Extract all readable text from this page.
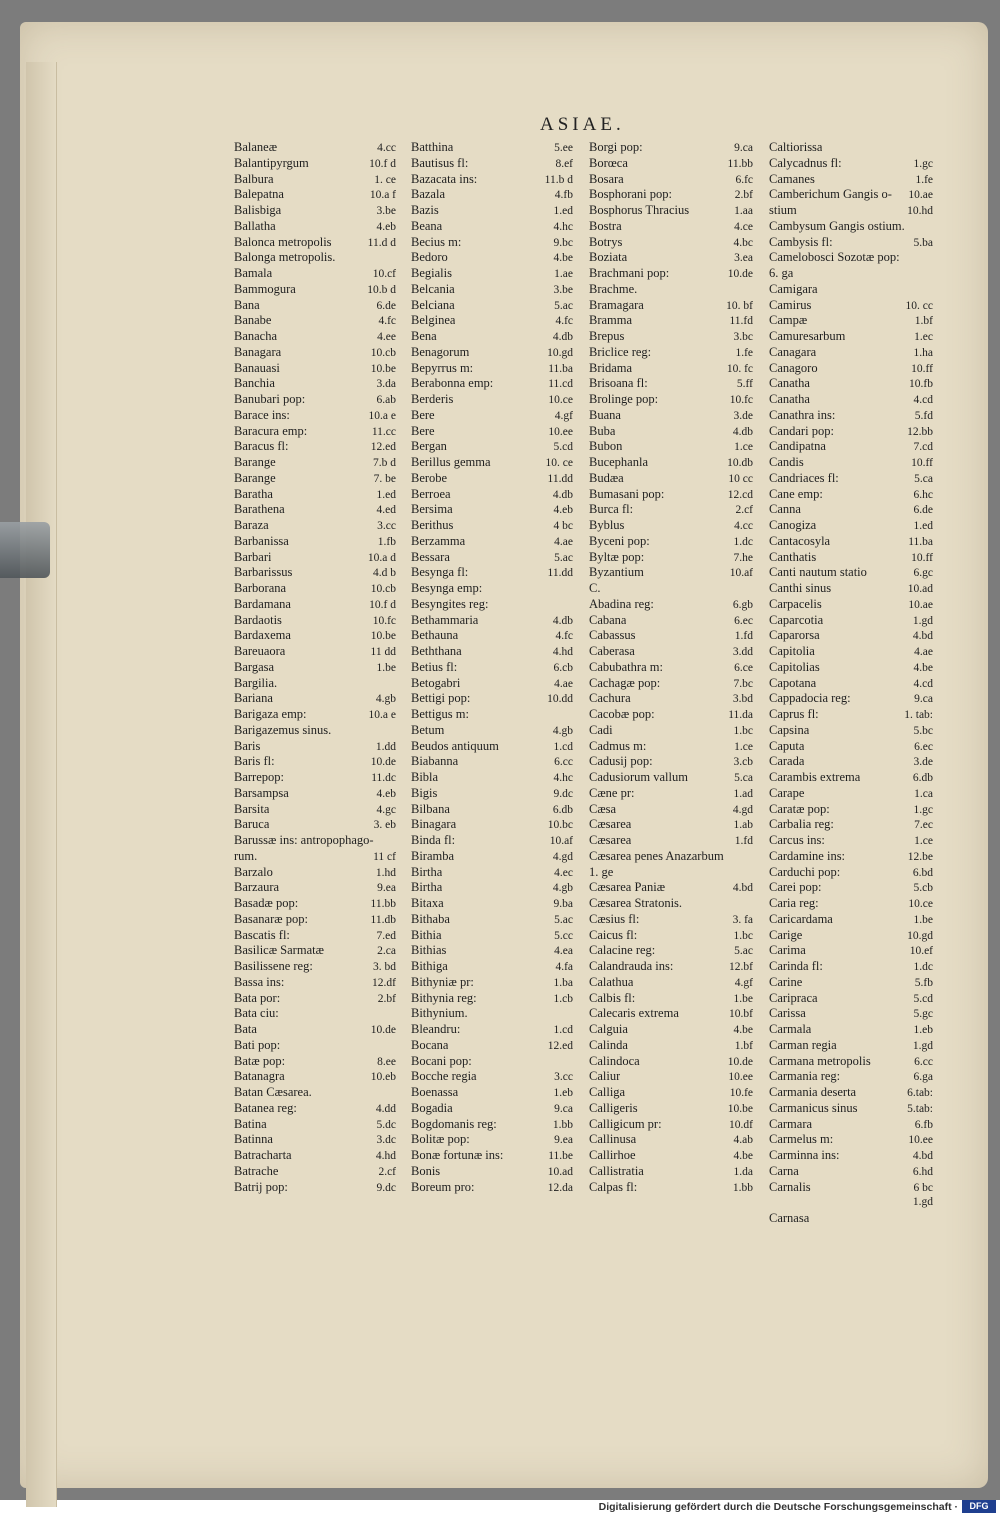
ASIAE.
Balaneæ	4.cc
Balantipyrgum	10.f d
Balbura	1. ce
Balepatna	10.a f
Balisbiga	3.be
Ballatha	4.eb
Balonca metropolis	11.d d
Balonga metropolis.
Bamala	10.cf
Bammogura	10.b d
Bana	6.de
Banabe	4.fc
Banacha	4.ee
Banagara	10.cb
Banauasi	10.be
Banchia	3.da
Banubari pop:	6.ab
Barace ins:	10.a e
Baracura emp:	11.cc
Baracus fl:	12.ed
Barange	7.b d
Barange	7. be
Baratha	1.ed
Barathena	4.ed
Baraza	3.cc
Barbanissa	1.fb
Barbari	10.a d
Barbarissus	4.d b
Barborana	10.cb
Bardamana	10.f d
Bardaotis	10.fc
Bardaxema	10.be
Bareuaora	11 dd
Bargasa	1.be
Bargilia.
Bariana	4.gb
Barigaza emp:	10.a e
Barigazemus sinus.
Baris	1.dd
Baris fl:	10.de
Barrepop:	11.dc
Barsampsa	4.eb
Barsita	4.gc
Baruca	3. eb
Barussæ ins: antropophago-
rum.	11 cf
Barzalo	1.hd
Barzaura	9.ea
Basadæ pop:	11.bb
Basanaræ pop:	11.db
Bascatis fl:	7.ed
Basilicæ Sarmatæ	2.ca
Basilissene reg:	3. bd
Bassa ins:	12.df
Bata por:	2.bf
Bata ciu:
Bata	10.de
Bati pop:
Batæ pop:	8.ee
Batanagra	10.eb
Batan Cæsarea.
Batanea reg:	4.dd
Batina	5.dc
Batinna	3.dc
Batracharta	4.hd
Batrache	2.cf
Batrij pop:	9.dc
Batthina	5.ee
Bautisus fl:	8.ef
Bazacata ins:	11.b d
Bazala	4.fb
Bazis	1.ed
Beana	4.hc
Becius m:	9.bc
Bedoro	4.be
Begialis	1.ae
Belcania	3.be
Belciana	5.ac
Belginea	4.fc
Bena	4.db
Benagorum	10.gd
Bepyrrus m:	11.ba
Berabonna emp:	11.cd
Berderis	10.ce
Bere	4.gf
Bere	10.ee
Bergan	5.cd
Berillus gemma	10. ce
Berobe	11.dd
Berroea	4.db
Bersima	4.eb
Berithus	4 bc
Berzamma	4.ae
Bessara	5.ac
Besynga fl:	11.dd
Besynga emp:
Besyngites reg:
Bethammaria	4.db
Bethauna	4.fc
Beththana	4.hd
Betius fl:	6.cb
Betogabri	4.ae
Bettigi pop:	10.dd
Bettigus m:
Betum	4.gb
Beudos antiquum	1.cd
Biabanna	6.cc
Bibla	4.hc
Bigis	9.dc
Bilbana	6.db
Binagara	10.bc
Binda fl:	10.af
Biramba	4.gd
Birtha	4.ec
Birtha	4.gb
Bitaxa	9.ba
Bithaba	5.ac
Bithia	5.cc
Bithias	4.ea
Bithiga	4.fa
Bithyniæ pr:	1.ba
Bithynia reg:	1.cb
Bithynium.
Bleandru:	1.cd
Bocana	12.ed
Bocani pop:
Bocche regia	3.cc
Boenassa	1.eb
Bogadia	9.ca
Bogdomanis reg:	1.bb
Bolitæ pop:	9.ea
Bonæ fortunæ ins:	11.be
Bonis	10.ad
Boreum pro:	12.da
Borgi pop:	9.ca
Borœca	11.bb
Bosara	6.fc
Bosphorani pop:	2.bf
Bosphorus Thracius	1.aa
Bostra	4.ce
Botrys	4.bc
Boziata	3.ea
Brachmani pop:	10.de
Brachme.
Bramagara	10. bf
Bramma	11.fd
Brepus	3.bc
Briclice reg:	1.fe
Bridama	10. fc
Brisoana fl:	5.ff
Brolinge pop:	10.fc
Buana	3.de
Buba	4.db
Bubon	1.ce
Bucephanla	10.db
Budæa	10 cc
Bumasani pop:	12.cd
Burca fl:	2.cf
Byblus	4.cc
Byceni pop:	1.dc
Byltæ pop:	7.he
Byzantium	10.af
C.
Abadina reg:	6.gb
Cabana	6.ec
Cabassus	1.fd
Caberasa	3.dd
Cabubathra m:	6.ce
Cachagæ pop:	7.bc
Cachura	3.bd
Cacobæ pop:	11.da
Cadi	1.bc
Cadmus m:	1.ce
Cadusij pop:	3.cb
Cadusiorum vallum	5.ca
Cæne pr:	1.ad
Cæsa	4.gd
Cæsarea	1.ab
Cæsarea	1.fd
Cæsarea penes Anazarbum
1. ge
Cæsarea Paniæ	4.bd
Cæsarea Stratonis.
Cæsius fl:	3. fa
Caicus fl:	1.bc
Calacine reg:	5.ac
Calandrauda ins:	12.bf
Calathua	4.gf
Calbis fl:	1.be
Calecaris extrema	10.bf
Calguia	4.be
Calinda	1.bf
Calindoca	10.de
Caliur	10.ee
Calliga	10.fe
Calligeris	10.be
Calligicum pr:	10.df
Callinusa	4.ab
Callirhoe	4.be
Callistratia	1.da
Calpas fl:	1.bb
Caltiorissa
Calycadnus fl:	1.gc
Camanes	1.fe
Camberichum Gangis o- 10.ae
stium	10.hd
Cambysum Gangis ostium.
Cambysis fl:	5.ba
Camelobosci Sozotæ pop:
6. ga
Camigara
Camirus	10. cc
Campæ	1.bf
Camuresarbum	1.ec
Canagara	1.ha
Canagoro	10.ff
Canatha	10.fb
Canatha	4.cd
Canathra ins:	5.fd
Candari pop:	12.bb
Candipatna	7.cd
Candis	10.ff
Candriaces fl:	5.ca
Cane emp:	6.hc
Canna	6.de
Canogiza	1.ed
Cantacosyla	11.ba
Canthatis	10.ff
Canti nautum statio	6.gc
Canthi sinus	10.ad
Carpacelis	10.ae
Caparcotia	1.gd
Caparorsa	4.bd
Capitolia	4.ae
Capitolias	4.be
Capotana	4.cd
Cappadocia reg:	9.ca
Caprus fl:	1. tab:
Capsina	5.bc
Caputa	6.ec
Carada	3.de
Carambis extrema	6.db
Carape	1.ca
Caratæ pop:	1.gc
Carbalia reg:	7.ec
Carcus ins:	1.ce
Cardamine ins:	12.be
Carduchi pop:	6.bd
Carei pop:	5.cb
Caria reg:	10.ce
Caricardama	1.be
Carige	10.gd
Carima	10.ef
Carinda fl:	1.dc
Carine	5.fb
Caripraca	5.cd
Carissa	5.gc
Carmala	1.eb
Carman regia	1.gd
Carmana metropolis	6.cc
Carmania reg:	6.ga
Carmania deserta	6.tab:
Carmanicus sinus	5.tab:
Carmara	6.fb
Carmelus m:	10.ee
Carminna ins:	4.bd
Carna	6.hd
Carnalis	6 bc
1.gd
Carnasa
Digitalisierung gefördert durch die Deutsche Forschungsgemeinschaft ·	DFG
